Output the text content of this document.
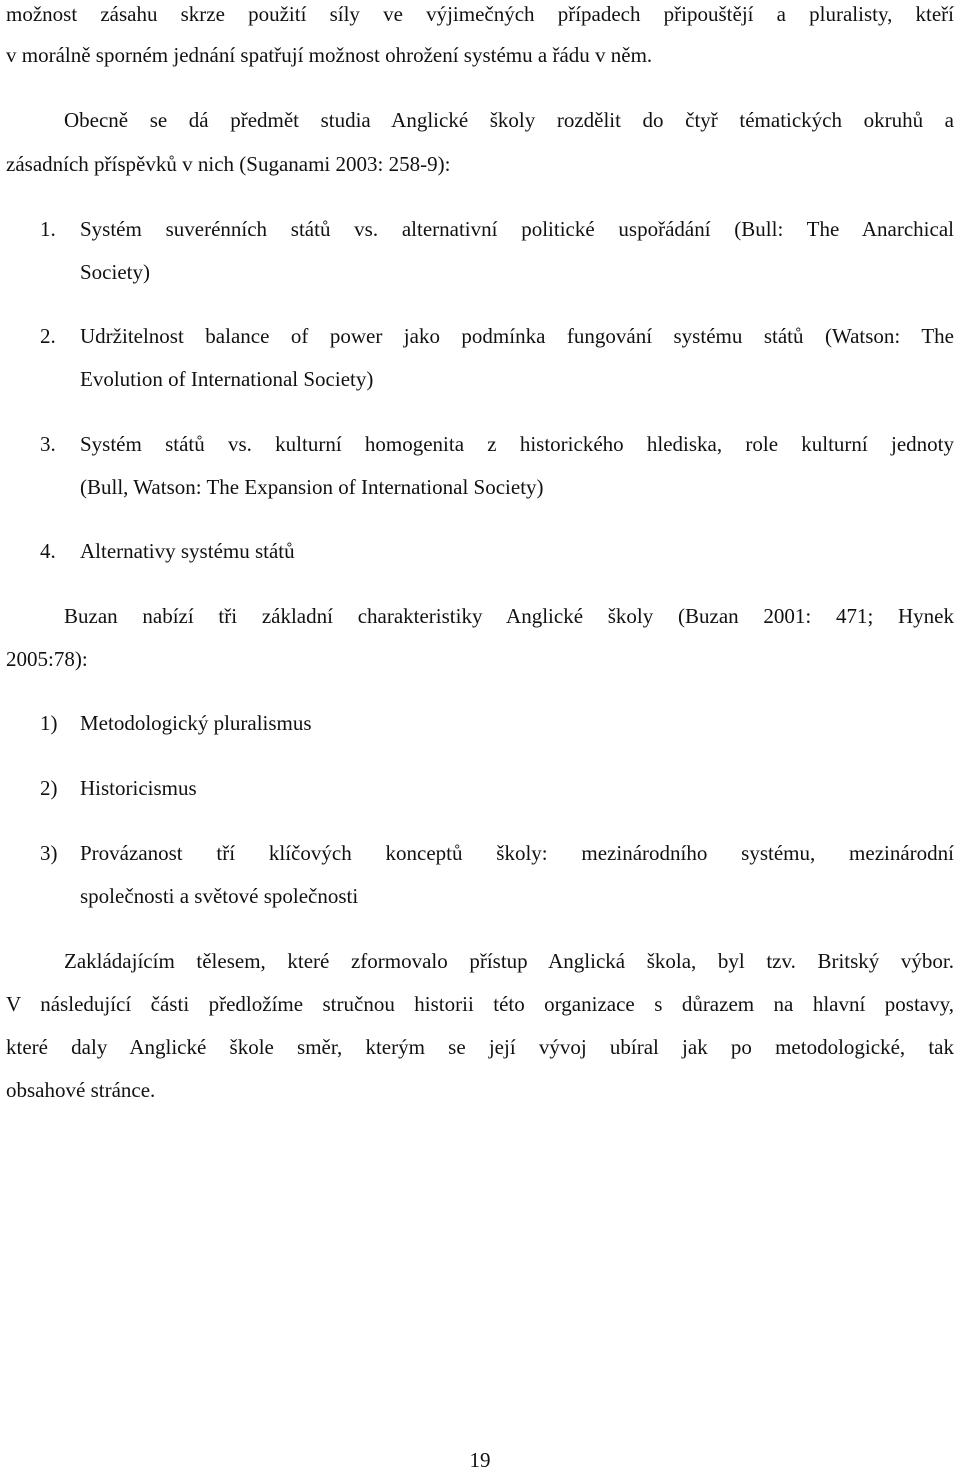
možnost zásahu skrze použití síly ve výjimečných případech připouštějí a pluralisty, kteří
v morálně sporném jednání spatřují možnost ohrožení systému a řádu v něm.
Obecně se dá předmět studia Anglické školy rozdělit do čtyř tématických okruhů a
zásadních příspěvků v nich (Suganami 2003: 258-9):
1. Systém suverénních států vs. alternativní politické uspořádání (Bull: The Anarchical
Society)
2. Udržitelnost balance of power jako podmínka fungování systému států (Watson: The
Evolution of International Society)
3. Systém států vs. kulturní homogenita z historického hlediska, role kulturní jednoty
(Bull, Watson: The Expansion of International Society)
4. Alternativy systému států
Buzan nabízí tři základní charakteristiky Anglické školy (Buzan 2001: 471; Hynek
2005:78):
1) Metodologický pluralismus
2) Historicismus
3) Provázanost tří klíčových konceptů školy: mezinárodního systému, mezinárodní
společnosti a světové společnosti
Zakládajícím tělesem, které zformovalo přístup Anglická škola, byl tzv. Britský výbor.
V následující části předložíme stručnou historii této organizace s důrazem na hlavní postavy,
které daly Anglické škole směr, kterým se její vývoj ubíral jak po metodologické, tak
obsahové stránce.
19
